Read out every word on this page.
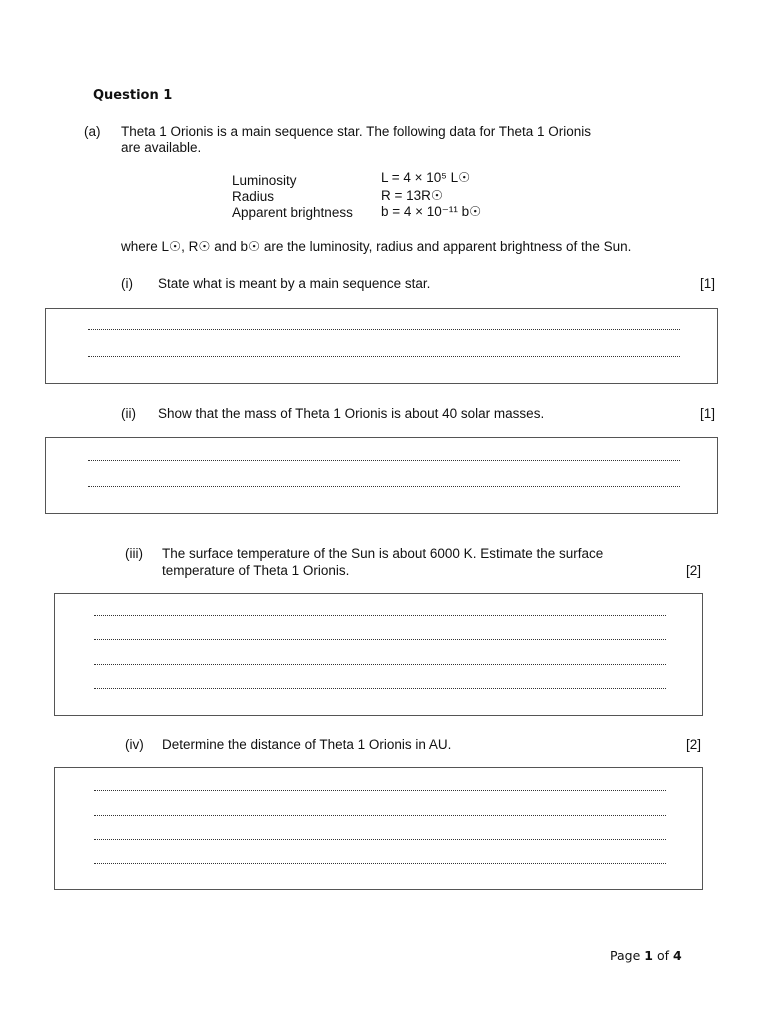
Question 1
(a) Theta 1 Orionis is a main sequence star. The following data for Theta 1 Orionis
are available.
Luminosity	L = 4 × 10⁵ L☉
Radius	R = 13R☉
Apparent brightness b = 4 × 10⁻¹¹ b☉
where L☉, R☉ and b☉ are the luminosity, radius and apparent brightness of the Sun.
(i) State what is meant by a main sequence star.	[1]
(ii) Show that the mass of Theta 1 Orionis is about 40 solar masses.	[1]
(iii) The surface temperature of the Sun is about 6000 K. Estimate the surface
temperature of Theta 1 Orionis.	[2]
(iv) Determine the distance of Theta 1 Orionis in AU.	[2]
Page 1 of 4
